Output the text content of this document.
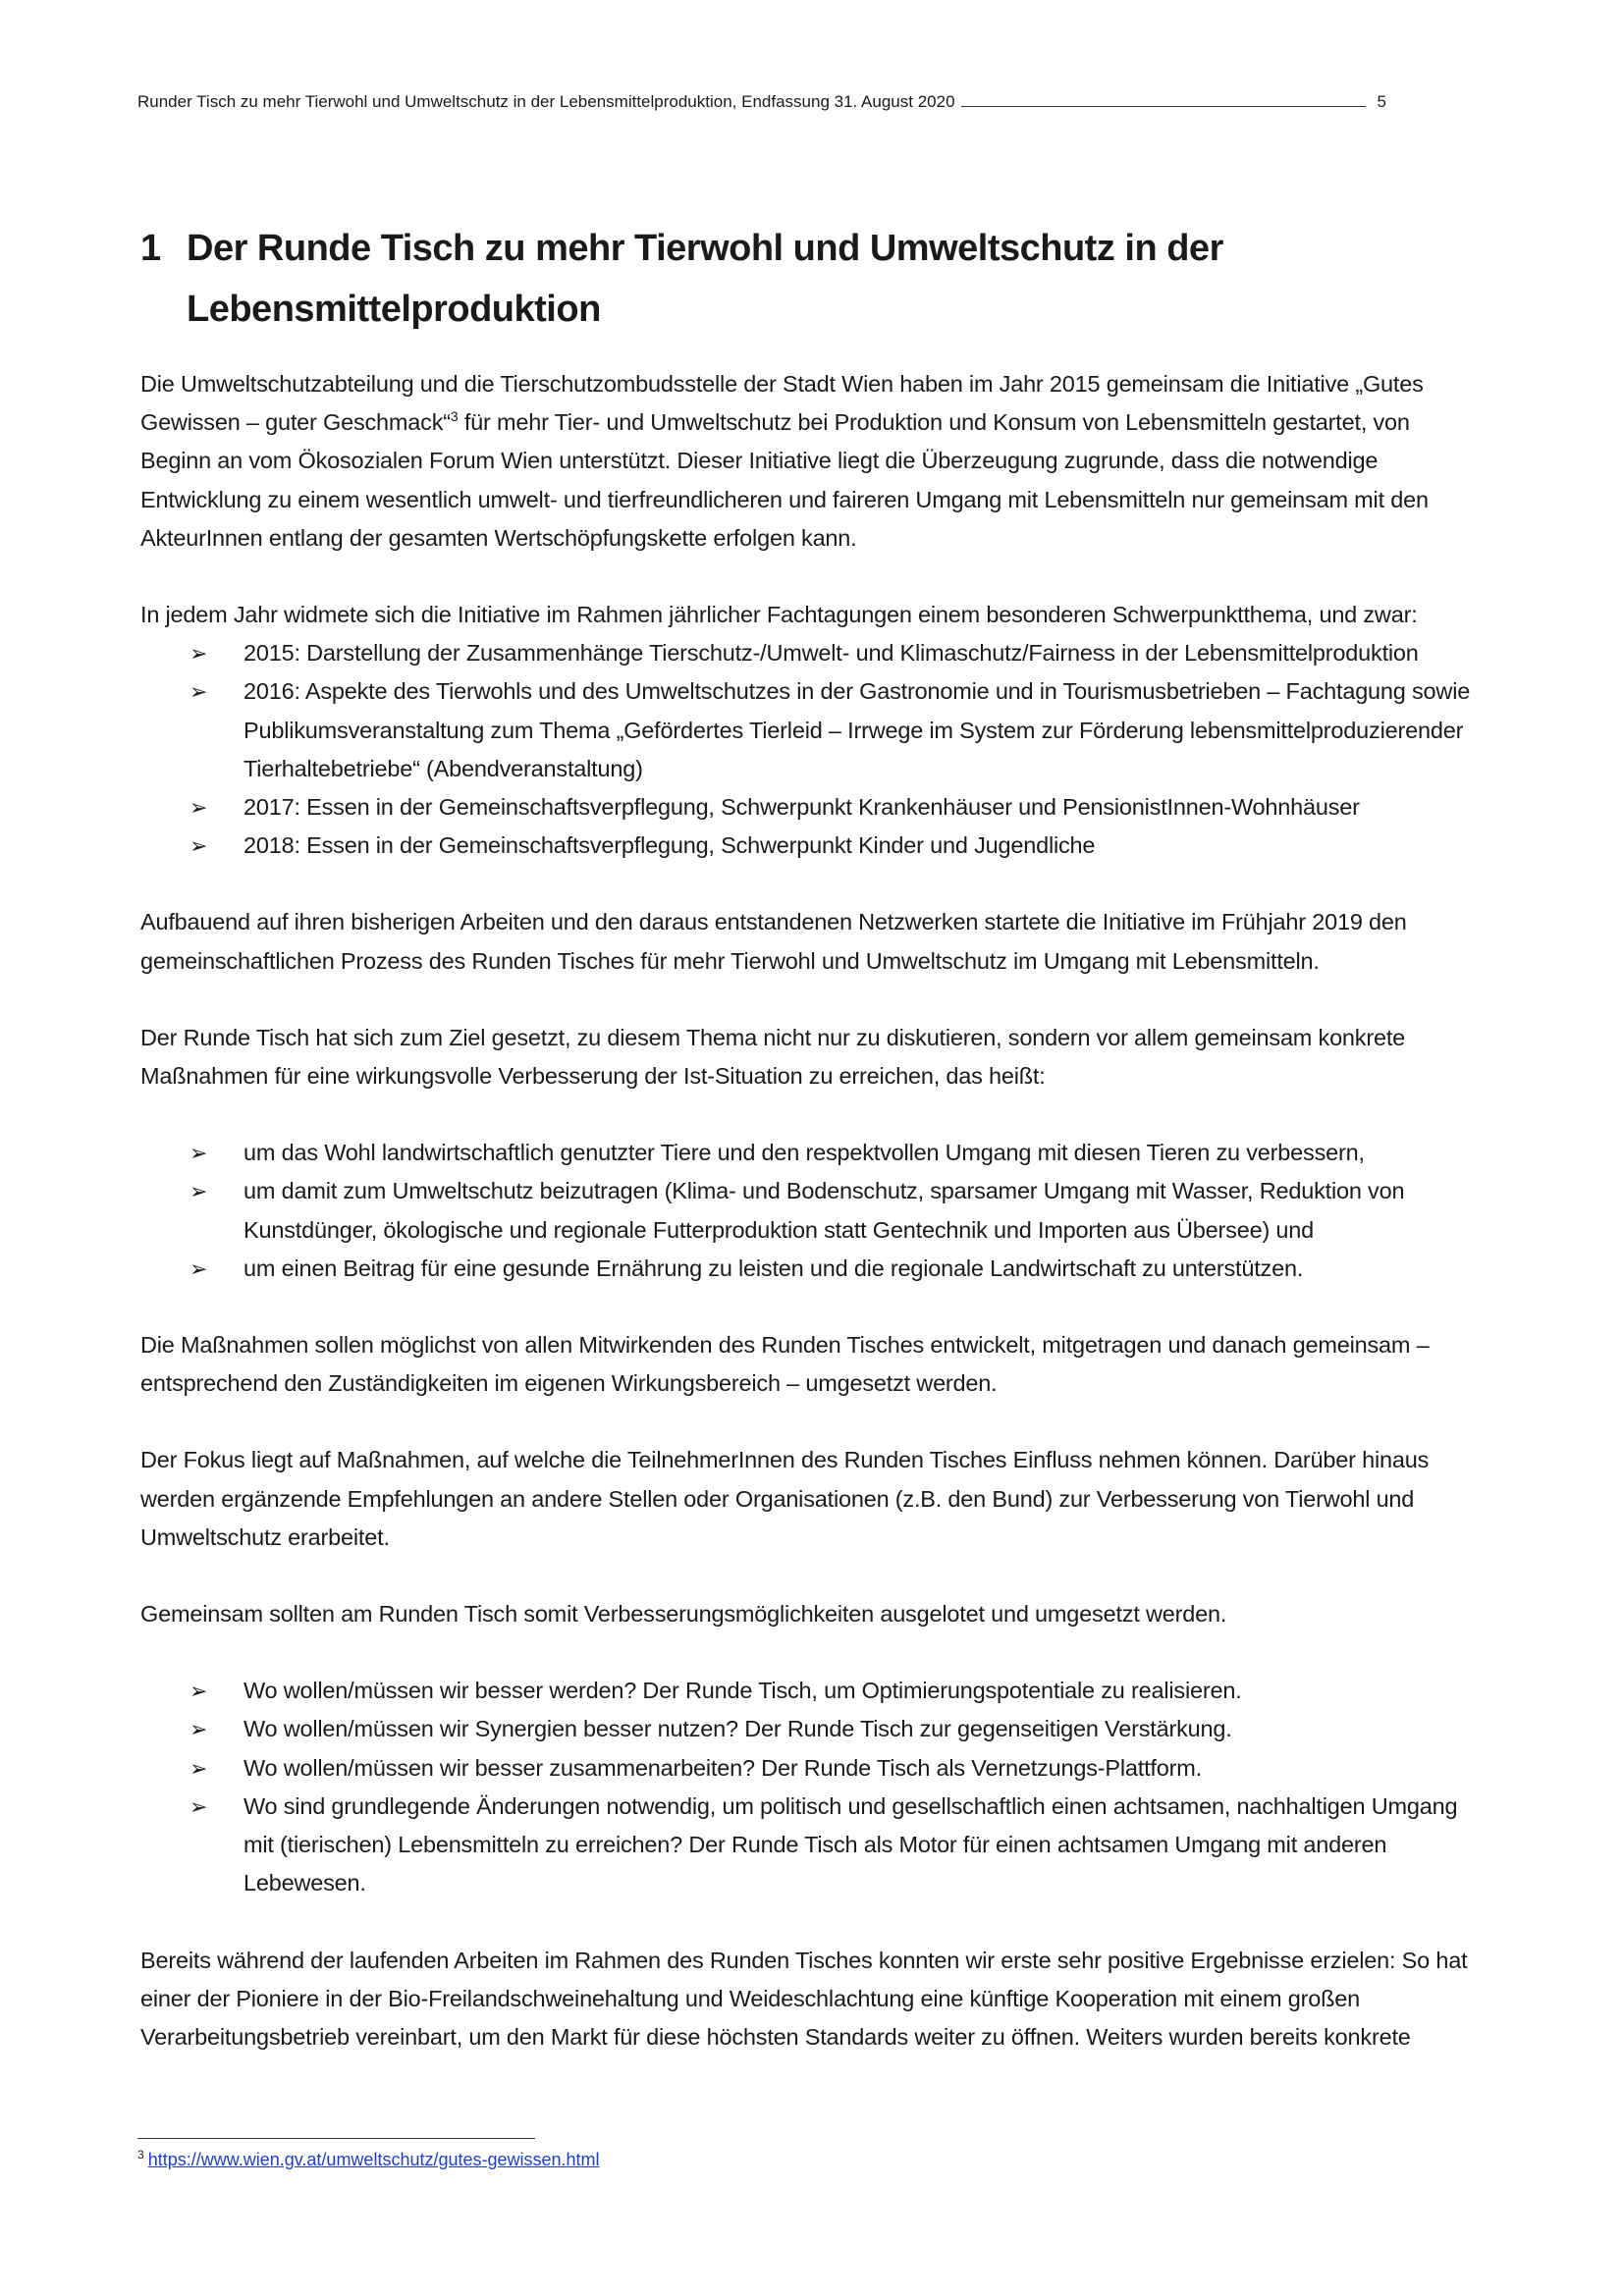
Runder Tisch zu mehr Tierwohl und Umweltschutz in der Lebensmittelproduktion, Endfassung 31. August 2020	5
1 Der Runde Tisch zu mehr Tierwohl und Umweltschutz in der Lebensmittelproduktion

Die Umweltschutzabteilung und die Tierschutzombudsstelle der Stadt Wien haben im Jahr 2015 gemeinsam die Initiative „Gutes Gewissen – guter Geschmack“$^3$ für mehr Tier- und Umweltschutz bei Produktion und Konsum von Lebensmitteln gestartet, von Beginn an vom Ökosozialen Forum Wien unterstützt. Dieser Initiative liegt die Überzeugung zugrunde, dass die notwendige Entwicklung zu einem wesentlich umwelt- und tierfreundlicheren und faireren Umgang mit Lebensmitteln nur gemeinsam mit den AkteurInnen entlang der gesamten Wertschöpfungskette erfolgen kann.

In jedem Jahr widmete sich die Initiative im Rahmen jährlicher Fachtagungen einem besonderen Schwerpunktthema, und zwar:

➢	2015: Darstellung der Zusammenhänge Tierschutz-/Umwelt- und Klimaschutz/Fairness in der Lebensmittelproduktion
➢	2016: Aspekte des Tierwohls und des Umweltschutzes in der Gastronomie und in Tourismusbetrieben – Fachtagung sowie Publikumsveranstaltung zum Thema „Gefördertes Tierleid – Irrwege im System zur Förderung lebensmittelproduzierender Tierhaltebetriebe“ (Abendveranstaltung)
➢	2017: Essen in der Gemeinschaftsverpflegung, Schwerpunkt Krankenhäuser und PensionistInnen-Wohnhäuser
➢	2018: Essen in der Gemeinschaftsverpflegung, Schwerpunkt Kinder und Jugendliche

Aufbauend auf ihren bisherigen Arbeiten und den daraus entstandenen Netzwerken startete die Initiative im Frühjahr 2019 den gemeinschaftlichen Prozess des Runden Tisches für mehr Tierwohl und Umweltschutz im Umgang mit Lebensmitteln.

Der Runde Tisch hat sich zum Ziel gesetzt, zu diesem Thema nicht nur zu diskutieren, sondern vor allem gemeinsam konkrete Maßnahmen für eine wirkungsvolle Verbesserung der Ist-Situation zu erreichen, das heißt:

➢	um das Wohl landwirtschaftlich genutzter Tiere und den respektvollen Umgang mit diesen Tieren zu verbessern,
➢	um damit zum Umweltschutz beizutragen (Klima- und Bodenschutz, sparsamer Umgang mit Wasser, Reduktion von Kunstdünger, ökologische und regionale Futterproduktion statt Gentechnik und Importen aus Übersee) und
➢	um einen Beitrag für eine gesunde Ernährung zu leisten und die regionale Landwirtschaft zu unterstützen.

Die Maßnahmen sollen möglichst von allen Mitwirkenden des Runden Tisches entwickelt, mitgetragen und danach gemeinsam – entsprechend den Zuständigkeiten im eigenen Wirkungsbereich – umgesetzt werden.

Der Fokus liegt auf Maßnahmen, auf welche die TeilnehmerInnen des Runden Tisches Einfluss nehmen können. Darüber hinaus werden ergänzende Empfehlungen an andere Stellen oder Organisationen (z.B. den Bund) zur Verbesserung von Tierwohl und Umweltschutz erarbeitet.

Gemeinsam sollten am Runden Tisch somit Verbesserungsmöglichkeiten ausgelotet und umgesetzt werden.

➢	Wo wollen/müssen wir besser werden? Der Runde Tisch, um Optimierungspotentiale zu realisieren.
➢	Wo wollen/müssen wir Synergien besser nutzen? Der Runde Tisch zur gegenseitigen Verstärkung.
➢	Wo wollen/müssen wir besser zusammenarbeiten? Der Runde Tisch als Vernetzungs-Plattform.
➢	Wo sind grundlegende Änderungen notwendig, um politisch und gesellschaftlich einen achtsamen, nachhaltigen Umgang mit (tierischen) Lebensmitteln zu erreichen? Der Runde Tisch als Motor für einen achtsamen Umgang mit anderen Lebewesen.

Bereits während der laufenden Arbeiten im Rahmen des Runden Tisches konnten wir erste sehr positive Ergebnisse erzielen: So hat einer der Pioniere in der Bio-Freilandschweinehaltung und Weideschlachtung eine künftige Kooperation mit einem großen Verarbeitungsbetrieb vereinbart, um den Markt für diese höchsten Standards weiter zu öffnen. Weiters wurden bereits konkrete

$^3$ https://www.wien.gv.at/umweltschutz/gutes-gewissen.html
